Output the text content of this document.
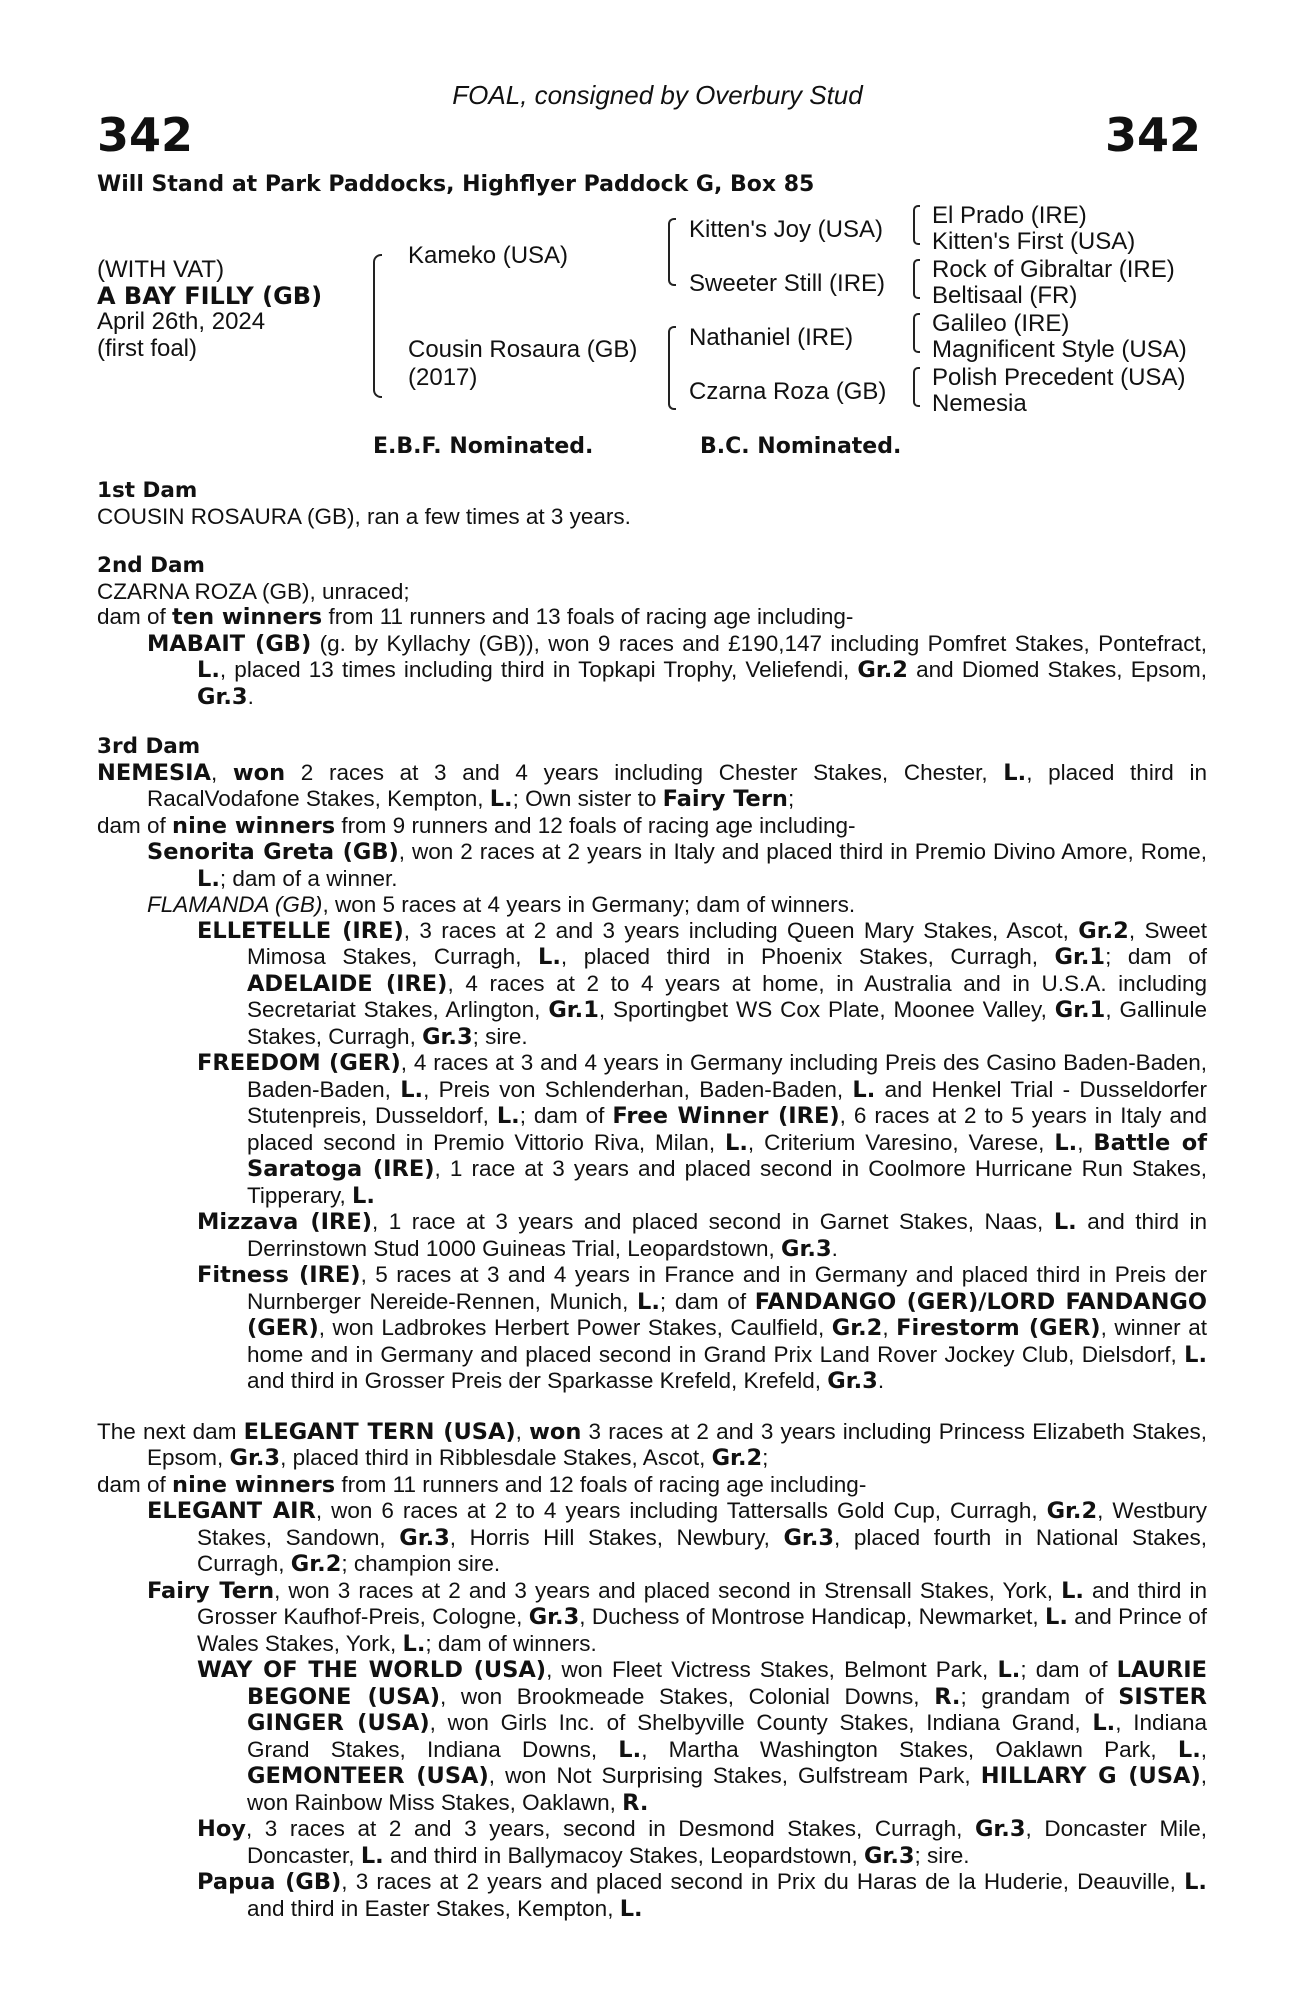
FOAL, consigned by Overbury Stud
342	342
Will Stand at Park Paddocks, Highflyer Paddock G, Box 85
(WITH VAT)
A BAY FILLY (GB)
April 26th, 2024
(first foal)
Kameko (USA)
Cousin Rosaura (GB)
(2017)
Kitten's Joy (USA)
Sweeter Still (IRE)
Nathaniel (IRE)
Czarna Roza (GB)
El Prado (IRE)
Kitten's First (USA)
Rock of Gibraltar (IRE)
Beltisaal (FR)
Galileo (IRE)
Magnificent Style (USA)
Polish Precedent (USA)
Nemesia
E.B.F. Nominated.	B.C. Nominated.

1st Dam

COUSIN ROSAURA (GB), ran a few times at 3 years.

2nd Dam

CZARNA ROZA (GB), unraced;

dam of ten winners from 11 runners and 13 foals of racing age including-

MABAIT (GB) (g. by Kyllachy (GB)), won 9 races and £190,147 including Pomfret Stakes, Pontefract, L., placed 13 times including third in Topkapi Trophy, Veliefendi, Gr.2 and Diomed Stakes, Epsom, Gr.3.

3rd Dam

NEMESIA, won 2 races at 3 and 4 years including Chester Stakes, Chester, L., placed third in RacalVodafone Stakes, Kempton, L.; Own sister to Fairy Tern;

dam of nine winners from 9 runners and 12 foals of racing age including-

Senorita Greta (GB), won 2 races at 2 years in Italy and placed third in Premio Divino Amore, Rome, L.; dam of a winner.

FLAMANDA (GB), won 5 races at 4 years in Germany; dam of winners.

ELLETELLE (IRE), 3 races at 2 and 3 years including Queen Mary Stakes, Ascot, Gr.2, Sweet Mimosa Stakes, Curragh, L., placed third in Phoenix Stakes, Curragh, Gr.1; dam of ADELAIDE (IRE), 4 races at 2 to 4 years at home, in Australia and in U.S.A. including Secretariat Stakes, Arlington, Gr.1, Sportingbet WS Cox Plate, Moonee Valley, Gr.1, Gallinule Stakes, Curragh, Gr.3; sire.

FREEDOM (GER), 4 races at 3 and 4 years in Germany including Preis des Casino Baden-Baden, Baden-Baden, L., Preis von Schlenderhan, Baden-Baden, L. and Henkel Trial - Dusseldorfer Stutenpreis, Dusseldorf, L.; dam of Free Winner (IRE), 6 races at 2 to 5 years in Italy and placed second in Premio Vittorio Riva, Milan, L., Criterium Varesino, Varese, L., Battle of Saratoga (IRE), 1 race at 3 years and placed second in Coolmore Hurricane Run Stakes, Tipperary, L.

Mizzava (IRE), 1 race at 3 years and placed second in Garnet Stakes, Naas, L. and third in Derrinstown Stud 1000 Guineas Trial, Leopardstown, Gr.3.

Fitness (IRE), 5 races at 3 and 4 years in France and in Germany and placed third in Preis der Nurnberger Nereide-Rennen, Munich, L.; dam of FANDANGO (GER)/LORD FANDANGO (GER), won Ladbrokes Herbert Power Stakes, Caulfield, Gr.2, Firestorm (GER), winner at home and in Germany and placed second in Grand Prix Land Rover Jockey Club, Dielsdorf, L. and third in Grosser Preis der Sparkasse Krefeld, Krefeld, Gr.3.

The next dam ELEGANT TERN (USA), won 3 races at 2 and 3 years including Princess Elizabeth Stakes, Epsom, Gr.3, placed third in Ribblesdale Stakes, Ascot, Gr.2;

dam of nine winners from 11 runners and 12 foals of racing age including-

ELEGANT AIR, won 6 races at 2 to 4 years including Tattersalls Gold Cup, Curragh, Gr.2, Westbury Stakes, Sandown, Gr.3, Horris Hill Stakes, Newbury, Gr.3, placed fourth in National Stakes, Curragh, Gr.2; champion sire.

Fairy Tern, won 3 races at 2 and 3 years and placed second in Strensall Stakes, York, L. and third in Grosser Kaufhof-Preis, Cologne, Gr.3, Duchess of Montrose Handicap, Newmarket, L. and Prince of Wales Stakes, York, L.; dam of winners.

WAY OF THE WORLD (USA), won Fleet Victress Stakes, Belmont Park, L.; dam of LAURIE BEGONE (USA), won Brookmeade Stakes, Colonial Downs, R.; grandam of SISTER GINGER (USA), won Girls Inc. of Shelbyville County Stakes, Indiana Grand, L., Indiana Grand Stakes, Indiana Downs, L., Martha Washington Stakes, Oaklawn Park, L., GEMONTEER (USA), won Not Surprising Stakes, Gulfstream Park, HILLARY G (USA), won Rainbow Miss Stakes, Oaklawn, R.

Hoy, 3 races at 2 and 3 years, second in Desmond Stakes, Curragh, Gr.3, Doncaster Mile, Doncaster, L. and third in Ballymacoy Stakes, Leopardstown, Gr.3; sire.

Papua (GB), 3 races at 2 years and placed second in Prix du Haras de la Huderie, Deauville, L. and third in Easter Stakes, Kempton, L.
